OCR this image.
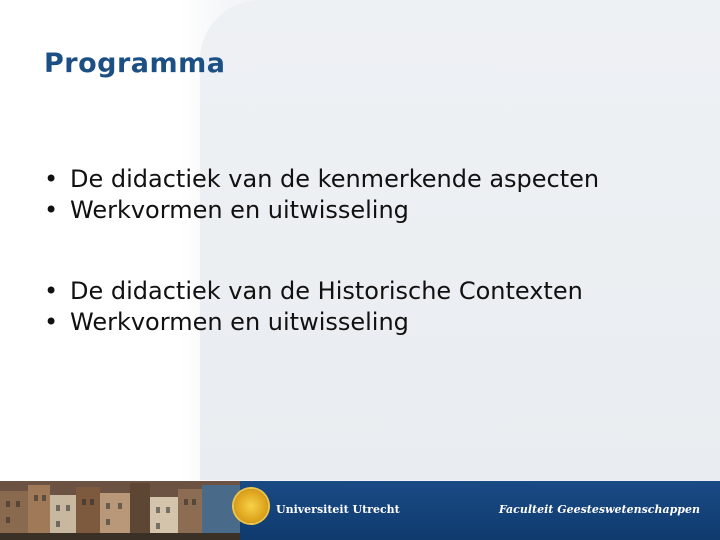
Programma
• De didactiek van de kenmerkende aspecten
• Werkvormen en uitwisseling
• De didactiek van de Historische Contexten
• Werkvormen en uitwisseling

Universiteit Utrecht	Faculteit Geesteswetenschappen
